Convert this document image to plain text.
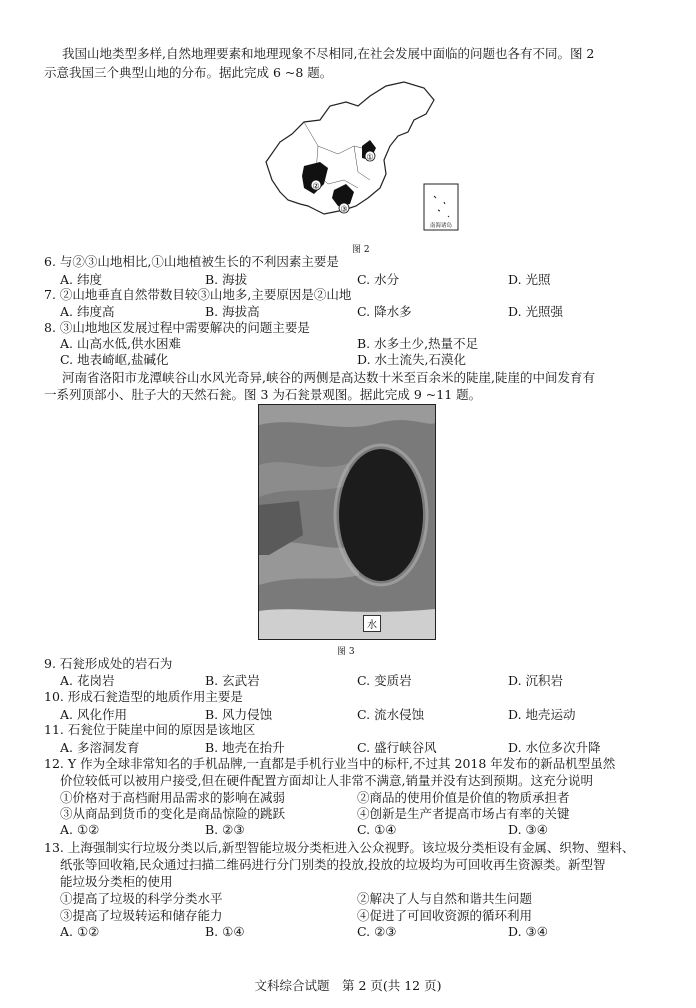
我国山地类型多样,自然地理要素和地理现象不尽相同,在社会发展中面临的问题也各有不同。图 2
示意我国三个典型山地的分布。据此完成 6 ~8 题。
①
②
③
南海诸岛
图 2
6. 与②③山地相比,①山地植被生长的不利因素主要是
A. 纬度	B. 海拔	C. 水分	D. 光照
7. ②山地垂直自然带数目较③山地多,主要原因是②山地
A. 纬度高	B. 海拔高	C. 降水多	D. 光照强
8. ③山地地区发展过程中需要解决的问题主要是
A. 山高水低,供水困难	B. 水多土少,热量不足
C. 地表崎岖,盐碱化	D. 水土流失,石漠化
河南省洛阳市龙潭峡谷山水风光奇异,峡谷的两侧是高达数十米至百余米的陡崖,陡崖的中间发育有
一系列顶部小、肚子大的天然石瓮。图 3 为石瓮景观图。据此完成 9 ~11 题。
水
图 3
9. 石瓮形成处的岩石为
A. 花岗岩	B. 玄武岩	C. 变质岩	D. 沉积岩
10. 形成石瓮造型的地质作用主要是
A. 风化作用	B. 风力侵蚀	C. 流水侵蚀	D. 地壳运动
11. 石瓮位于陡崖中间的原因是该地区
A. 多溶洞发育	B. 地壳在抬升	C. 盛行峡谷风	D. 水位多次升降
12. Y 作为全球非常知名的手机品牌,一直都是手机行业当中的标杆,不过其 2018 年发布的新品机型虽然
价位较低可以被用户接受,但在硬件配置方面却让人非常不满意,销量并没有达到预期。这充分说明
①价格对于高档耐用品需求的影响在减弱	②商品的使用价值是价值的物质承担者
③从商品到货币的变化是商品惊险的跳跃	④创新是生产者提高市场占有率的关键
A. ①②	B. ②③	C. ①④	D. ③④
13. 上海强制实行垃圾分类以后,新型智能垃圾分类柜进入公众视野。该垃圾分类柜设有金属、织物、塑料、
纸张等回收箱,民众通过扫描二维码进行分门别类的投放,投放的垃圾均为可回收再生资源类。新型智
能垃圾分类柜的使用
①提高了垃圾的科学分类水平	②解决了人与自然和谐共生问题
③提高了垃圾转运和储存能力	④促进了可回收资源的循环利用
A. ①②	B. ①④	C. ②③	D. ③④
文科综合试题　第 2 页(共 12 页)
